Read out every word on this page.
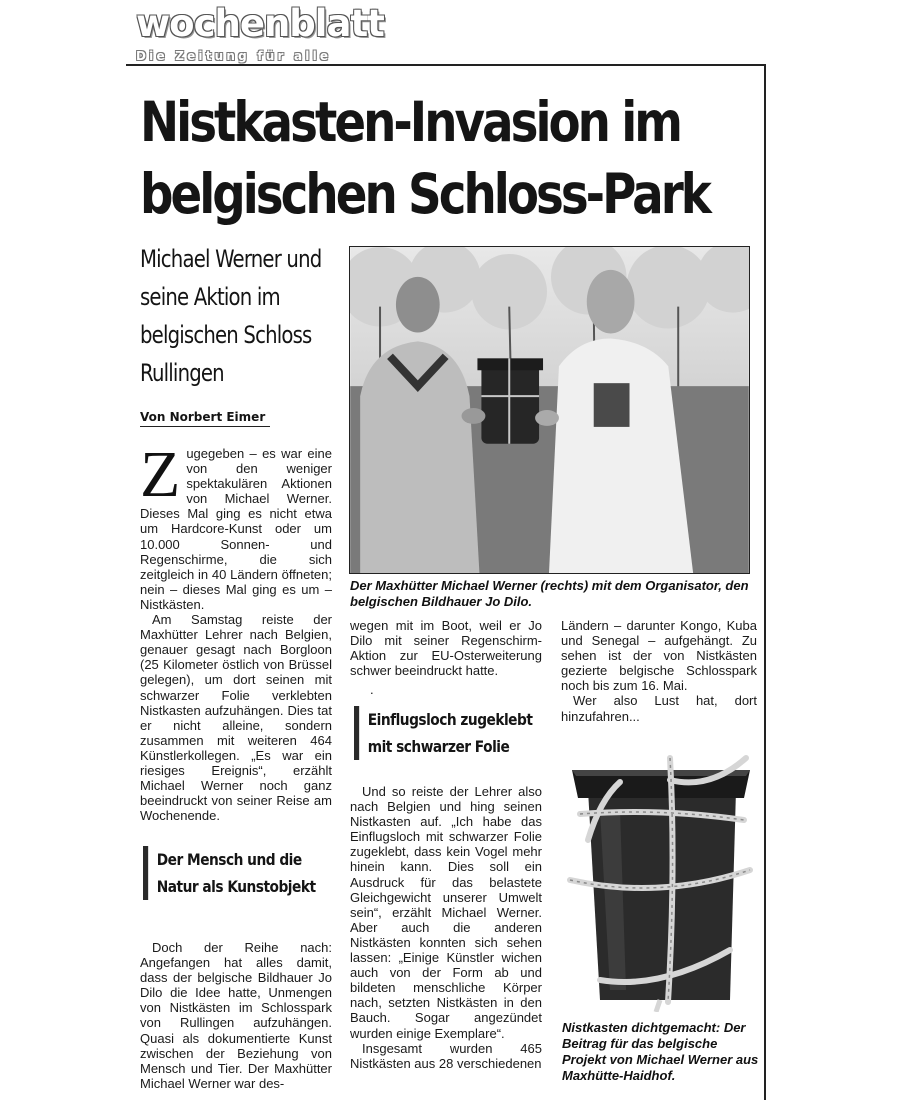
wochenblatt
Die Zeitung für alle
Nistkasten-Invasion im
belgischen Schloss-Park
Michael Werner und
seine Aktion im
belgischen Schloss
Rullingen
Von Norbert Eimer

Zugegeben – es war eine von den weniger spektakulären Aktionen von Michael Werner. Dieses Mal ging es nicht etwa um Hardcore-Kunst oder um 10.000 Sonnen- und Regenschirme, die sich zeitgleich in 40 Ländern öffneten; nein – dieses Mal ging es um – Nistkästen.

Am Samstag reiste der Maxhütter Lehrer nach Belgien, genauer gesagt nach Borgloon (25 Kilometer östlich von Brüssel gelegen), um dort seinen mit schwarzer Folie verklebten Nistkasten aufzuhängen. Dies tat er nicht alleine, sondern zusammen mit weiteren 464 Künstlerkollegen. „Es war ein riesiges Ereignis“, erzählt Michael Werner noch ganz beeindruckt von seiner Reise am Wochenende.

Der Mensch und die
Natur als Kunstobjekt

Doch der Reihe nach: Angefangen hat alles damit, dass der belgische Bildhauer Jo Dilo die Idee hatte, Unmengen von Nistkästen im Schlosspark von Rullingen aufzuhängen. Quasi als dokumentierte Kunst zwischen der Beziehung von Mensch und Tier. Der Maxhütter Michael Werner war des-

Der Maxhütter Michael Werner (rechts) mit dem Organisator, den belgischen Bildhauer Jo Dilo.

wegen mit im Boot, weil er Jo Dilo mit seiner Regenschirm-Aktion zur EU-Osterweiterung schwer beeindruckt hatte.

.
Einflugsloch zugeklebt
mit schwarzer Folie

Und so reiste der Lehrer also nach Belgien und hing seinen Nistkasten auf. „Ich habe das Einflugsloch mit schwarzer Folie zugeklebt, dass kein Vogel mehr hinein kann. Dies soll ein Ausdruck für das belastete Gleichgewicht unserer Umwelt sein“, erzählt Michael Werner. Aber auch die anderen Nistkästen konnten sich sehen lassen: „Einige Künstler wichen auch von der Form ab und bildeten menschliche Körper nach, setzten Nistkästen in den Bauch. Sogar angezündet wurden einige Exemplare“.

Insgesamt wurden 465 Nistkästen aus 28 verschiedenen

Ländern – darunter Kongo, Kuba und Senegal – aufgehängt. Zu sehen ist der von Nistkästen gezierte belgische Schlosspark noch bis zum 16. Mai.

Wer also Lust hat, dort hinzufahren...

Nistkasten dichtgemacht: Der Beitrag für das belgische Projekt von Michael Werner aus Maxhütte-Haidhof.
